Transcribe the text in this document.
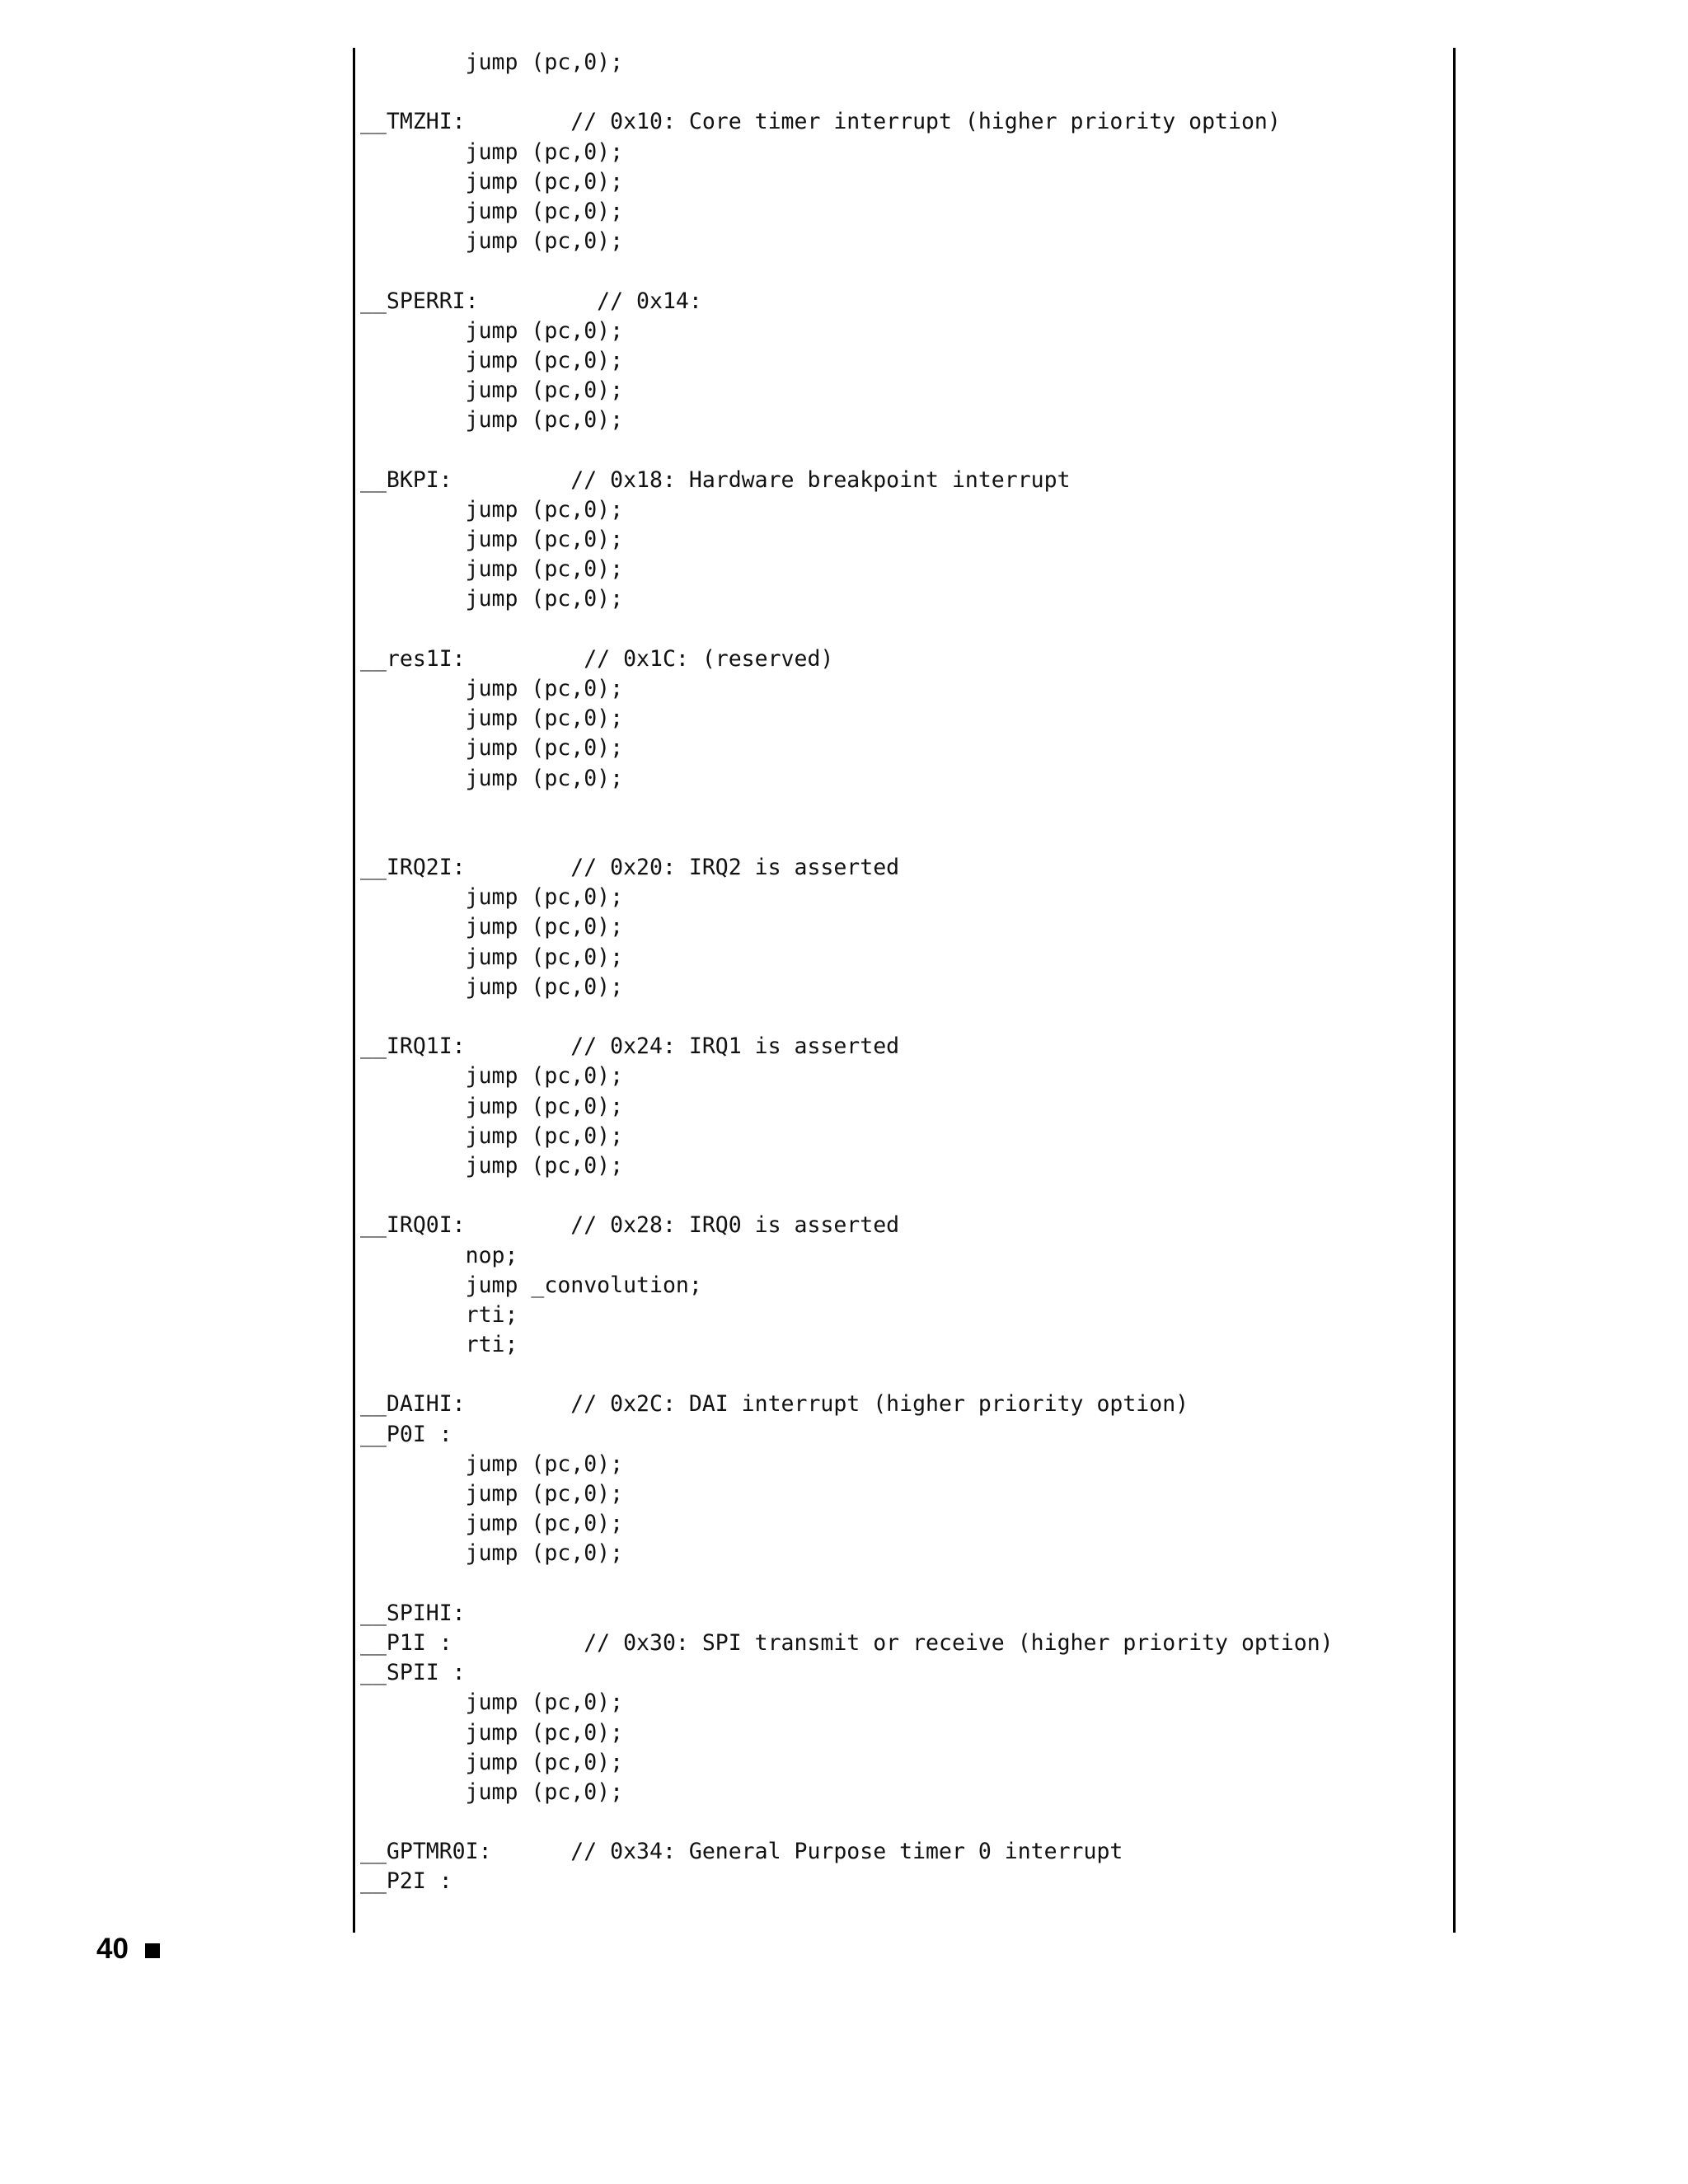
jump (pc,0);
__TMZHI:        // 0x10: Core timer interrupt (higher priority option)
jump (pc,0);
jump (pc,0);
jump (pc,0);
jump (pc,0);
__SPERRI:         // 0x14:
jump (pc,0);
jump (pc,0);
jump (pc,0);
jump (pc,0);
__BKPI:         // 0x18: Hardware breakpoint interrupt
jump (pc,0);
jump (pc,0);
jump (pc,0);
jump (pc,0);
__res1I:         // 0x1C: (reserved)
jump (pc,0);
jump (pc,0);
jump (pc,0);
jump (pc,0);
__IRQ2I:        // 0x20: IRQ2 is asserted
jump (pc,0);
jump (pc,0);
jump (pc,0);
jump (pc,0);
__IRQ1I:        // 0x24: IRQ1 is asserted
jump (pc,0);
jump (pc,0);
jump (pc,0);
jump (pc,0);
__IRQ0I:        // 0x28: IRQ0 is asserted
nop;
jump _convolution;
rti;
rti;
__DAIHI:        // 0x2C: DAI interrupt (higher priority option)
__P0I :
jump (pc,0);
jump (pc,0);
jump (pc,0);
jump (pc,0);
__SPIHI:
__P1I :          // 0x30: SPI transmit or receive (higher priority option)
__SPII :
jump (pc,0);
jump (pc,0);
jump (pc,0);
jump (pc,0);
__GPTMR0I:      // 0x34: General Purpose timer 0 interrupt
__P2I :
40
